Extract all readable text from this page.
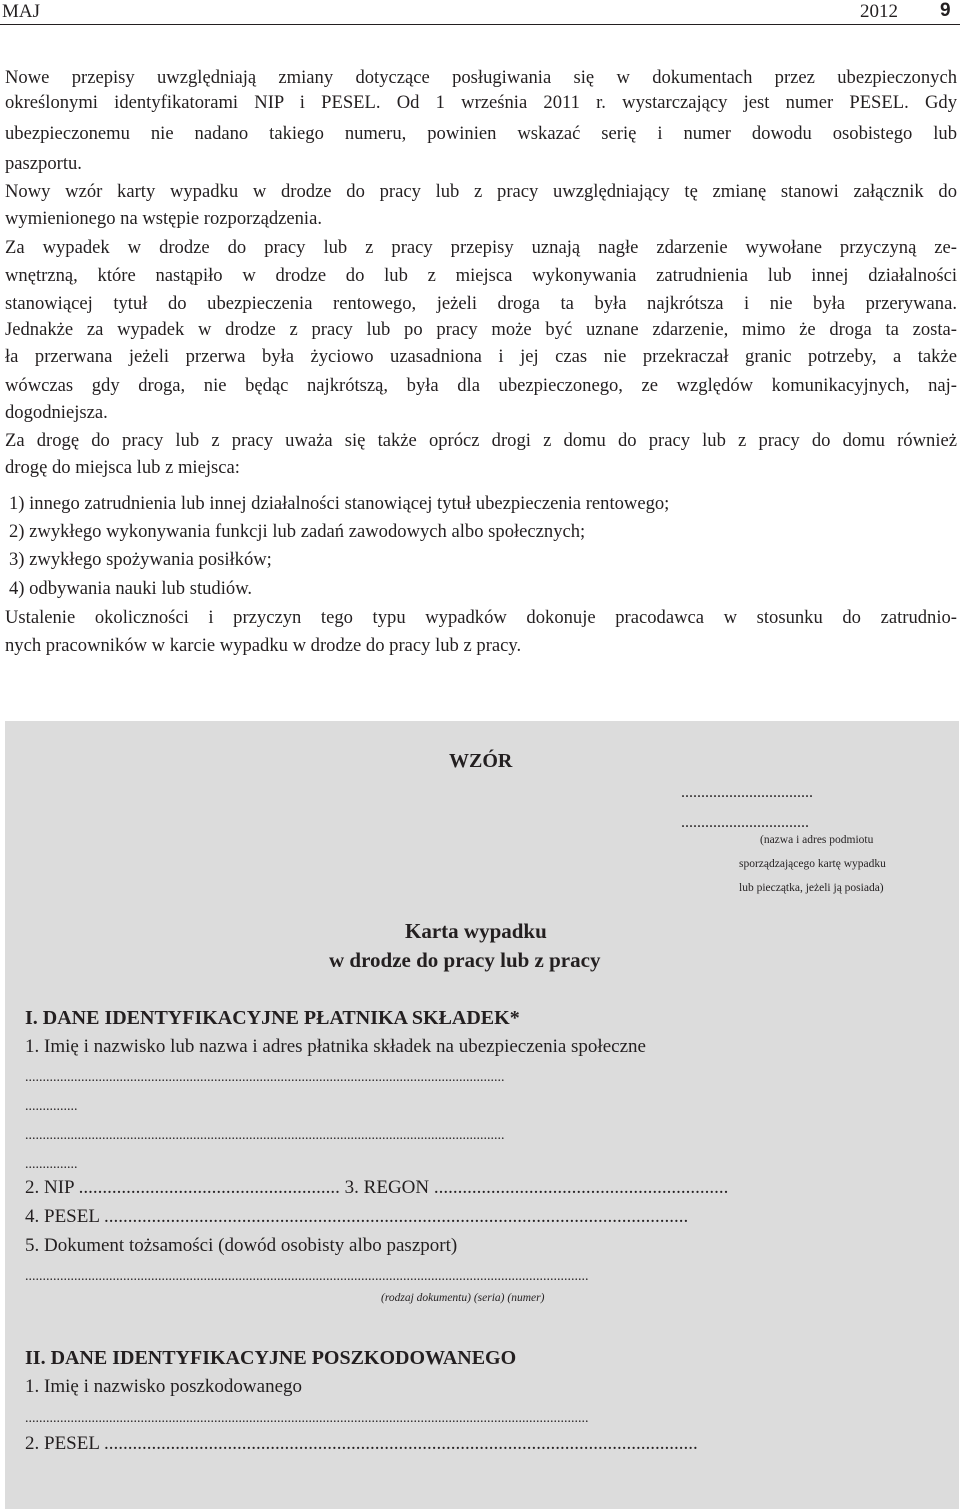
MAJ	2012 9
Nowe przepisy uwzględniają zmiany dotyczące posługiwania się w dokumentach przez ubezpieczonych
określonymi identyfikatorami NIP i PESEL. Od 1 września 2011 r. wystarczający jest numer PESEL. Gdy
ubezpieczonemu nie nadano takiego numeru, powinien wskazać serię i numer dowodu osobistego lub
paszportu.
Nowy wzór karty wypadku w drodze do pracy lub z pracy uwzględniający tę zmianę stanowi załącznik do
wymienionego na wstępie rozporządzenia.
Za wypadek w drodze do pracy lub z pracy przepisy uznają nagłe zdarzenie wywołane przyczyną ze-
wnętrzną, które nastąpiło w drodze do lub z miejsca wykonywania zatrudnienia lub innej działalności
stanowiącej tytuł do ubezpieczenia rentowego, jeżeli droga ta była najkrótsza i nie była przerywana.
Jednakże za wypadek w drodze z pracy lub po pracy może być uznane zdarzenie, mimo że droga ta zosta-
ła przerwana jeżeli przerwa była życiowo uzasadniona i jej czas nie przekraczał granic potrzeby, a także
wówczas gdy droga, nie będąc najkrótszą, była dla ubezpieczonego, ze względów komunikacyjnych, naj-
dogodniejsza.
Za drogę do pracy lub z pracy uważa się także oprócz drogi z domu do pracy lub z pracy do domu również
drogę do miejsca lub z miejsca:
1) innego zatrudnienia lub innej działalności stanowiącej tytuł ubezpieczenia rentowego;
2) zwykłego wykonywania funkcji lub zadań zawodowych albo społecznych;
3) zwykłego spożywania posiłków;
4) odbywania nauki lub studiów.
Ustalenie okoliczności i przyczyn tego typu wypadków dokonuje pracodawca w stosunku do zatrudnio-
nych pracowników w karcie wypadku w drodze do pracy lub z pracy.
WZÓR
.................................
................................
(nazwa i adres podmiotu
sporządzającego kartę wypadku
lub pieczątka, jeżeli ją posiada)
Karta wypadku
w drodze do pracy lub z pracy
I. DANE IDENTYFIKACYJNE PŁATNIKA SKŁADEK*
1. Imię i nazwisko lub nazwa i adres płatnika składek na ubezpieczenia społeczne
.........................................................................................................................................
...............
.........................................................................................................................................
...............
2. NIP ....................................................... 3. REGON ..............................................................
4. PESEL ...........................................................................................................................
5. Dokument tożsamości (dowód osobisty albo paszport)
.................................................................................................................................................................
(rodzaj dokumentu) (seria) (numer)
II. DANE IDENTYFIKACYJNE POSZKODOWANEGO
1. Imię i nazwisko poszkodowanego
.................................................................................................................................................................
2. PESEL .............................................................................................................................
